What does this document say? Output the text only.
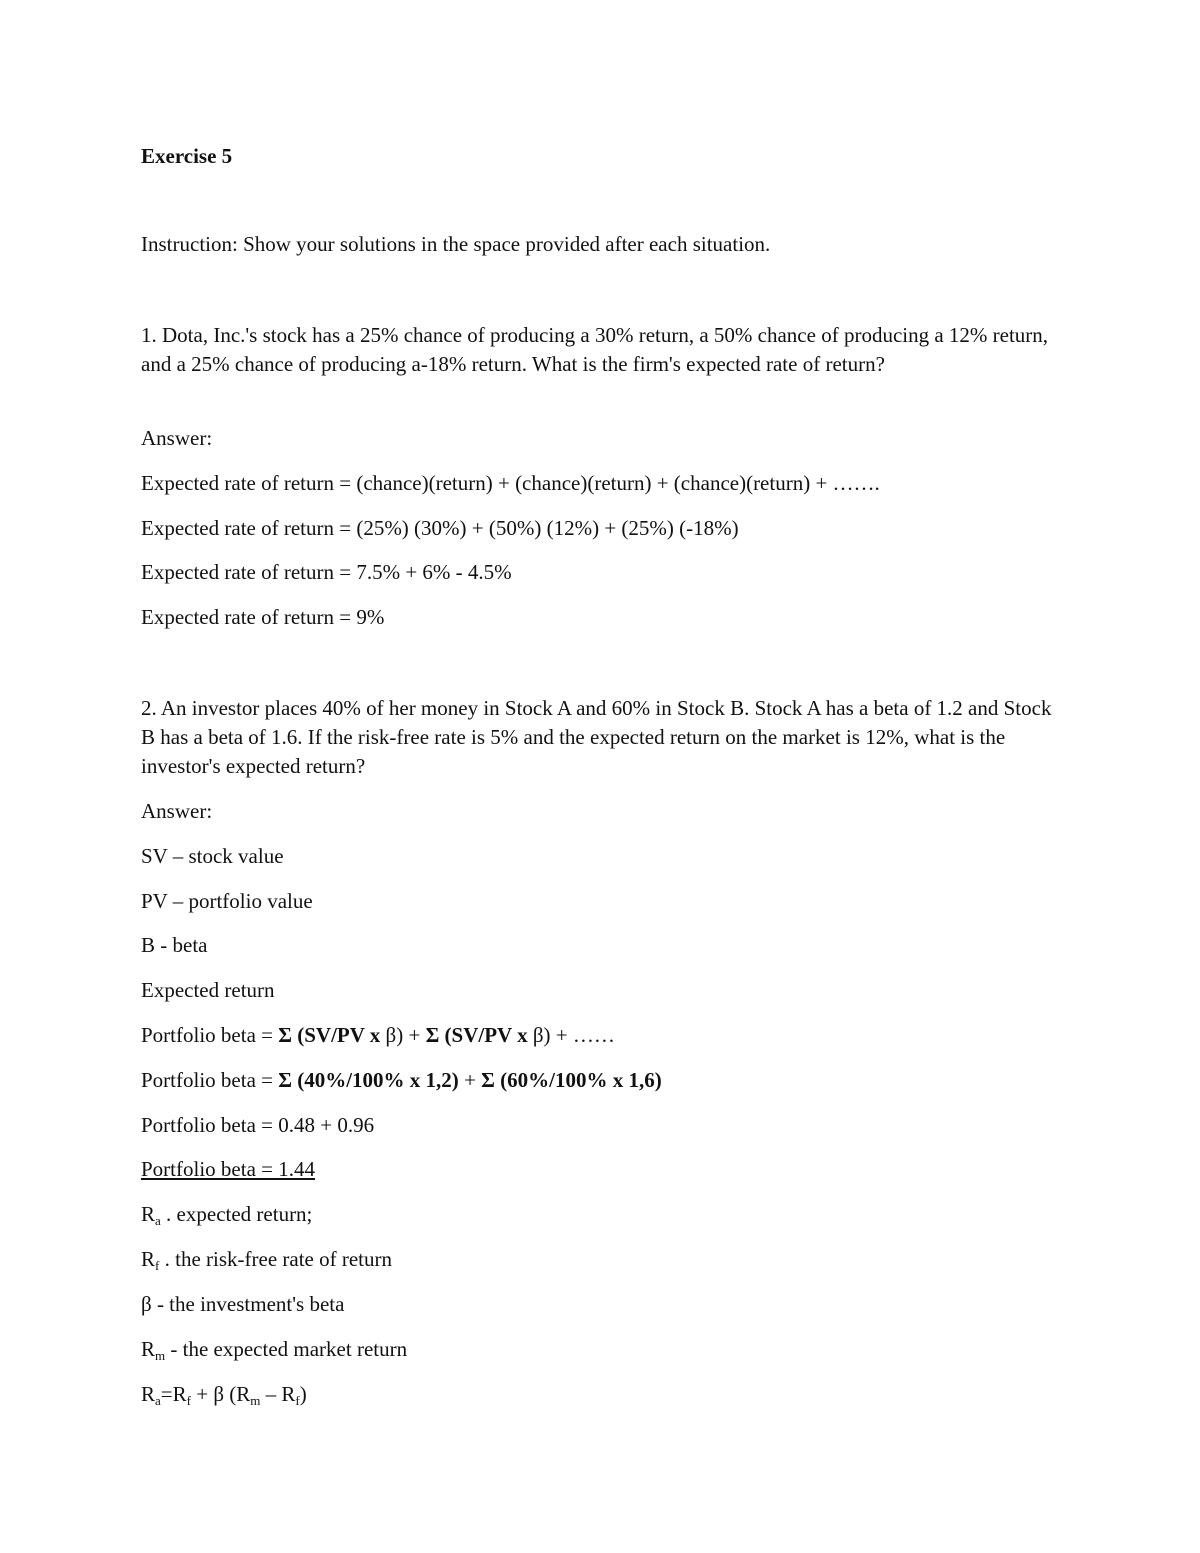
Exercise 5
Instruction: Show your solutions in the space provided after each situation.
1. Dota, Inc.'s stock has a 25% chance of producing a 30% return, a 50% chance of producing a 12% return, and a 25% chance of producing a-18% return. What is the firm's expected rate of return?
Answer:
Expected rate of return = (chance)(return) + (chance)(return) + (chance)(return) + …….
Expected rate of return = (25%) (30%) + (50%) (12%) + (25%) (-18%)
Expected rate of return = 7.5% + 6% - 4.5%
Expected rate of return = 9%
2. An investor places 40% of her money in Stock A and 60% in Stock B. Stock A has a beta of 1.2 and Stock B has a beta of 1.6. If the risk-free rate is 5% and the expected return on the market is 12%, what is the investor's expected return?
Answer:
SV – stock value
PV – portfolio value
Β - beta
Expected return
Portfolio beta = Σ (SV/PV x β) + Σ (SV/PV x β) + ……
Portfolio beta = Σ (40%/100% x 1,2) + Σ (60%/100% x 1,6)
Portfolio beta = 0.48 + 0.96
Portfolio beta = 1.44
$R_a$ . expected return;
$R_f$ . the risk-free rate of return
β - the investment's beta
$R_m$ - the expected market return
$R_a=R_f + \beta$ $(R_m - R_f)$
